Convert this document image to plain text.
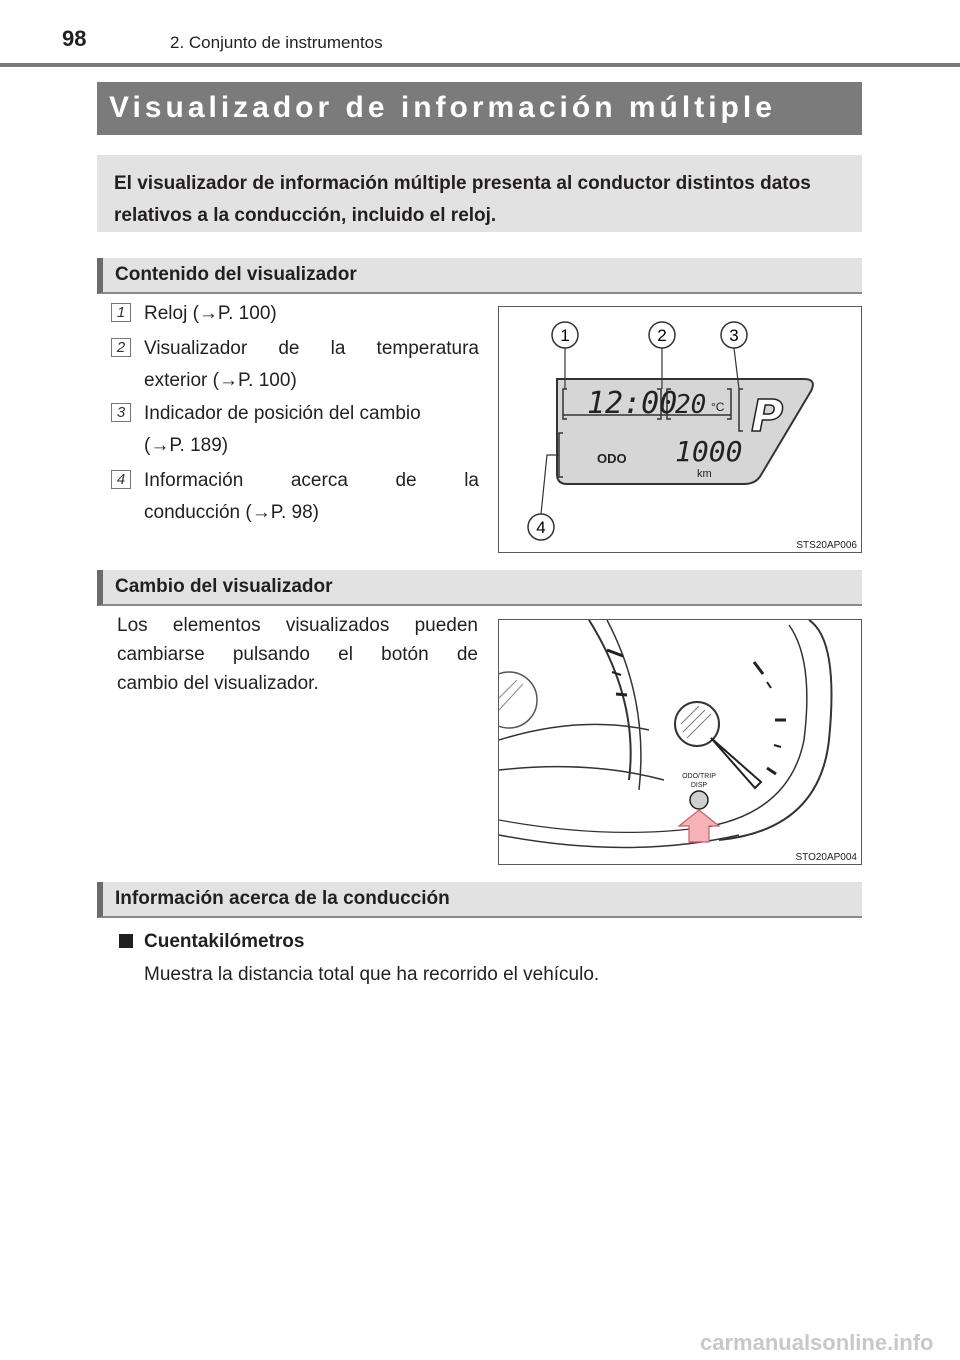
98	2. Conjunto de instrumentos
Visualizador de información múltiple

El visualizador de información múltiple presenta al conductor distintos datos relativos a la conducción, incluido el reloj.

Contenido del visualizador
1 Reloj (→P. 100)
2 Visualizador de la temperatura
exterior (→P. 100)
3 Indicador de posición del cambio
(→P. 189)
4 Información acerca de la
conducción (→P. 98)
1	2	3
4
12:00
20 °C P
ODO 1000
km
STS20AP006
Cambio del visualizador
Los elementos visualizados pueden
cambiarse pulsando el botón de
cambio del visualizador.
ODO/TRIP
DISP
STO20AP004
Información acerca de la conducción
Cuentakilómetros
Muestra la distancia total que ha recorrido el vehículo.
carmanualsonline.info
